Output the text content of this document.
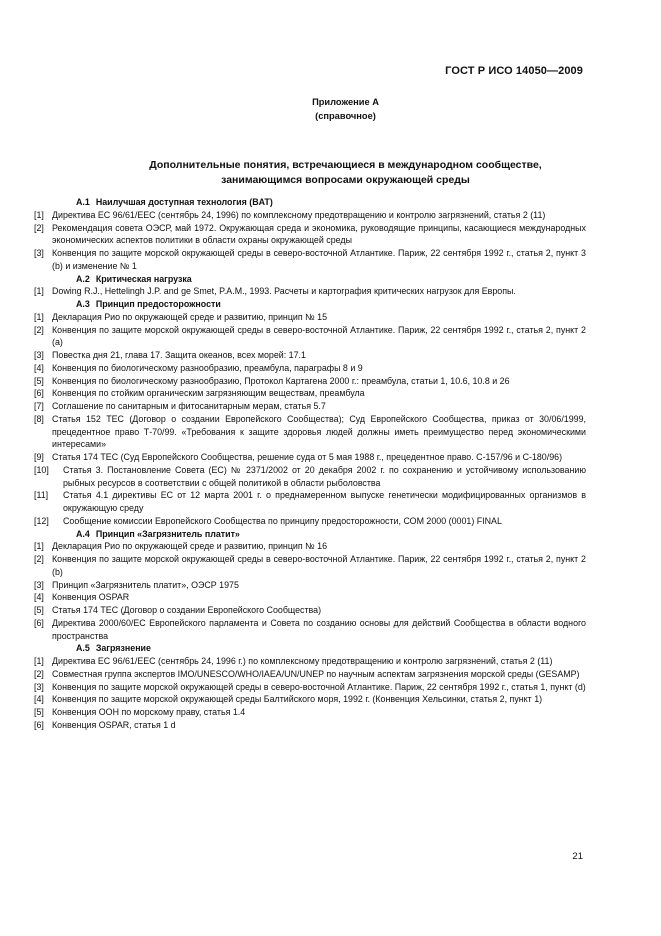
ГОСТ Р ИСО 14050—2009
Приложение А
(справочное)
Дополнительные понятия, встречающиеся в международном сообществе,
занимающимся вопросами окружающей среды
A.1 Наилучшая доступная технология (BAT)
[1] Директива ЕС 96/61/EEC (сентябрь 24, 1996) по комплексному предотвращению и контролю загрязнений, статья 2 (11)
[2] Рекомендация совета ОЭСР, май 1972. Окружающая среда и экономика, руководящие принципы, касающиеся международных экономических аспектов политики в области охраны окружающей среды
[3] Конвенция по защите морской окружающей среды в северо-восточной Атлантике. Париж, 22 сентября 1992 г., статья 2, пункт 3 (b) и изменение № 1
A.2 Критическая нагрузка
[1] Dowing R.J., Hettelingh J.P. and ge Smet, P.A.M., 1993. Расчеты и картография критических нагрузок для Европы.
A.3 Принцип предосторожности
[1] Декларация Рио по окружающей среде и развитию, принцип № 15
[2] Конвенция по защите морской окружающей среды в северо-восточной Атлантике. Париж, 22 сентября 1992 г., статья 2, пункт 2 (а)
[3] Повестка дня 21, глава 17. Защита океанов, всех морей: 17.1
[4] Конвенция по биологическому разнообразию, преамбула, параграфы 8 и 9
[5] Конвенция по биологическому разнообразию, Протокол Картагена 2000 г.: преамбула, статьи 1, 10.6, 10.8 и 26
[6] Конвенция по стойким органическим загрязняющим веществам, преамбула
[7] Соглашение по санитарным и фитосанитарным мерам, статья 5.7
[8] Статья 152 ТЕС (Договор о создании Европейского Сообщества); Суд Европейского Сообщества, приказ от 30/06/1999, прецедентное право Т-70/99. «Требования к защите здоровья людей должны иметь преимущество перед экономическими интересами»
[9] Статья 174 ТЕС (Суд Европейского Сообщества, решение суда от 5 мая 1988 г., прецедентное право. С-157/96 и С-180/96)
[10]	Статья 3. Постановление Совета (ЕС) № 2371/2002 от 20 декабря 2002 г. по сохранению и устойчивому использованию рыбных ресурсов в соответствии с общей политикой в области рыболовства
[11]	Статья 4.1 директивы ЕС от 12 марта 2001 г. о преднамеренном выпуске генетически модифицированных организмов в окружающую среду
[12]	Сообщение комиссии Европейского Сообщества по принципу предосторожности, СОМ 2000 (0001) FINAL
A.4 Принцип «Загрязнитель платит»
[1] Декларация Рио по окружающей среде и развитию, принцип № 16
[2] Конвенция по защите морской окружающей среды в северо-восточной Атлантике. Париж, 22 сентября 1992 г., статья 2, пункт 2 (b)
[3] Принцип «Загрязнитель платит», ОЭСР 1975
[4] Конвенция OSPAR
[5] Статья 174 ТЕС (Договор о создании Европейского Сообщества)
[6] Директива 2000/60/ЕС Европейского парламента и Совета по созданию основы для действий Сообщества в области водного пространства
A.5 Загрязнение
[1] Директива ЕС 96/61/EEC (сентябрь 24, 1996 г.) по комплексному предотвращению и контролю загрязнений, статья 2 (11)
[2] Совместная группа экспертов IMO/UNESCO/WHO/IAEA/UN/UNEP по научным аспектам загрязнения морской среды (GESAMP)
[3] Конвенция по защите морской окружающей среды в северо-восточной Атлантике. Париж, 22 сентября 1992 г., статья 1, пункт (d)
[4] Конвенция по защите морской окружающей среды Балтийского моря, 1992 г. (Конвенция Хельсинки, статья 2, пункт 1)
[5] Конвенция ООН по морскому праву, статья 1.4
[6] Конвенция OSPAR, статья 1 d
21
